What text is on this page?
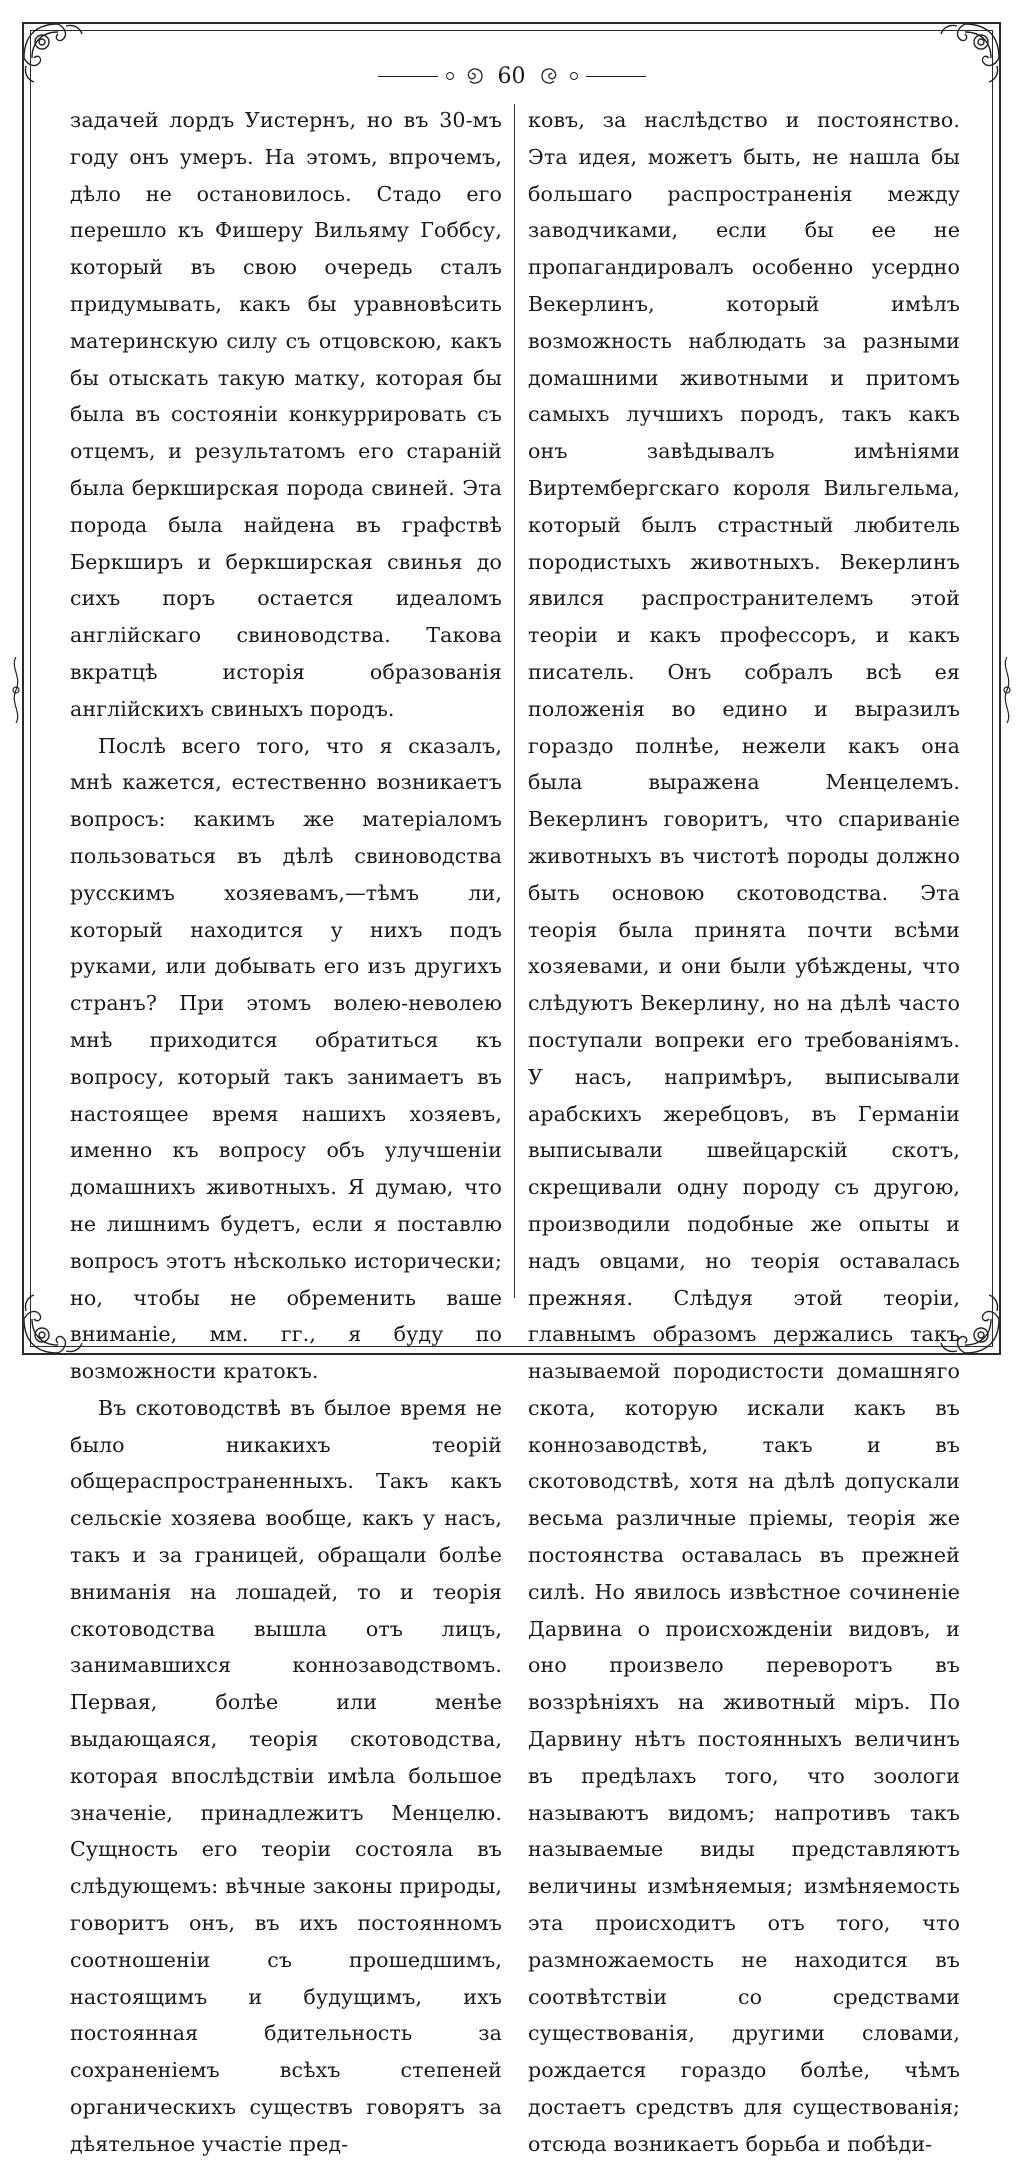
60

задачей лордъ Уистернъ, но въ 30-мъ году онъ умеръ. На этомъ, впрочемъ, дѣло не остановилось. Стадо его перешло къ Фишеру Вильяму Гоббсу, который въ свою очередь сталъ придумывать, какъ бы уравновѣсить материнскую силу съ отцовскою, какъ бы отыскать такую матку, которая бы была въ состояніи конкуррировать съ отцемъ, и результатомъ его стараній была беркширская порода свиней. Эта порода была найдена въ графствѣ Беркширъ и беркширская свинья до сихъ поръ остается идеаломъ англійскаго свиноводства. Такова вкратцѣ исторія образованія англійскихъ свиныхъ породъ.

Послѣ всего того, что я сказалъ, мнѣ кажется, естественно возникаетъ вопросъ: какимъ же матеріаломъ пользоваться въ дѣлѣ свиноводства русскимъ хозяевамъ,—тѣмъ ли, который находится у нихъ подъ руками, или добывать его изъ другихъ странъ? При этомъ волею-неволею мнѣ приходится обратиться къ вопросу, который такъ занимаетъ въ настоящее время нашихъ хозяевъ, именно къ вопросу объ улучшеніи домашнихъ животныхъ. Я думаю, что не лишнимъ будетъ, если я поставлю вопросъ этотъ нѣсколько исторически; но, чтобы не обременить ваше вниманіе, мм. гг., я буду по возможности кратокъ.

Въ скотоводствѣ въ былое время не было никакихъ теорій общераспространенныхъ. Такъ какъ сельскіе хозяева вообще, какъ у насъ, такъ и за границей, обращали болѣе вниманія на лошадей, то и теорія скотоводства вышла отъ лицъ, занимавшихся коннозаводствомъ. Первая, болѣе или менѣе выдающаяся, теорія скотоводства, которая впослѣдствіи имѣла большое значеніе, принадлежитъ Менцелю. Сущность его теоріи состояла въ слѣдующемъ: вѣчные законы природы, говоритъ онъ, въ ихъ постоянномъ соотношеніи съ прошедшимъ, настоящимъ и будущимъ, ихъ постоянная бдительность за сохраненіемъ всѣхъ степеней органическихъ существъ говорятъ за дѣятельное участіе пред-

ковъ, за наслѣдство и постоянство. Эта идея, можетъ быть, не нашла бы большаго распространенія между заводчиками, если бы ее не пропагандировалъ особенно усердно Векерлинъ, который имѣлъ возможность наблюдать за разными домашними животными и притомъ самыхъ лучшихъ породъ, такъ какъ онъ завѣдывалъ имѣніями Виртембергскаго короля Вильгельма, который былъ страстный любитель породистыхъ животныхъ. Векерлинъ явился распространителемъ этой теоріи и какъ профессоръ, и какъ писатель. Онъ собралъ всѣ ея положенія во едино и выразилъ гораздо полнѣе, нежели какъ она была выражена Менцелемъ. Векерлинъ говоритъ, что спариваніе животныхъ въ чистотѣ породы должно быть основою скотоводства. Эта теорія была принята почти всѣми хозяевами, и они были убѣждены, что слѣдуютъ Векерлину, но на дѣлѣ часто поступали вопреки его требованіямъ. У насъ, напримѣръ, выписывали арабскихъ жеребцовъ, въ Германіи выписывали швейцарскій скотъ, скрещивали одну породу съ другою, производили подобные же опыты и надъ овцами, но теорія оставалась прежняя. Слѣдуя этой теоріи, главнымъ образомъ держались такъ называемой породистости домашняго скота, которую искали какъ въ коннозаводствѣ, такъ и въ скотоводствѣ, хотя на дѣлѣ допускали весьма различные пріемы, теорія же постоянства оставалась въ прежней силѣ. Но явилось извѣстное сочиненіе Дарвина о происхожденіи видовъ, и оно произвело переворотъ въ воззрѣніяхъ на животный міръ. По Дарвину нѣтъ постоянныхъ величинъ въ предѣлахъ того, что зоологи называютъ видомъ; напротивъ такъ называемые виды представляютъ величины измѣняемыя; измѣняемость эта происходитъ отъ того, что размножаемость не находится въ соотвѣтствіи со средствами существованія, другими словами, рождается гораздо болѣе, чѣмъ достаетъ средствъ для существованія; отсюда возникаетъ борьба и побѣди-
